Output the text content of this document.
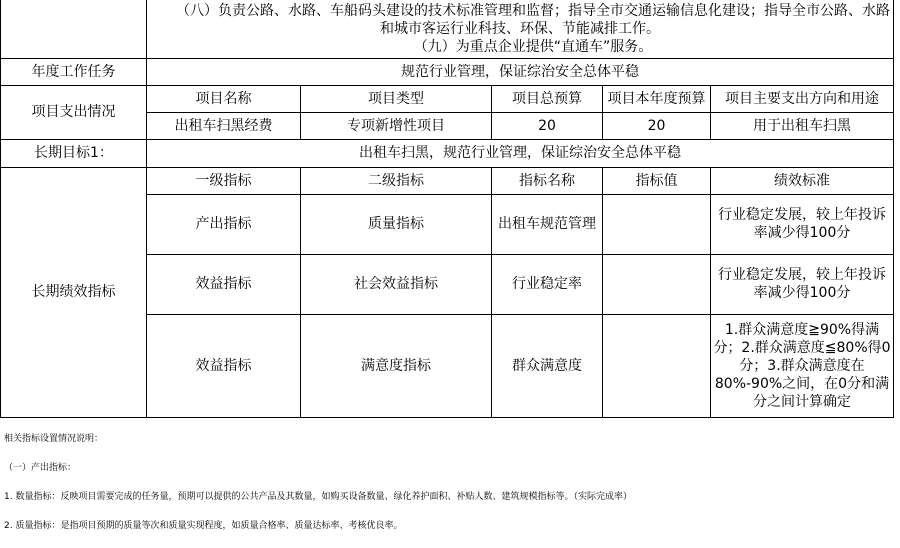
	（八）负责公路、水路、车船码头建设的技术标准管理和监督；指导全市交通运输信息化建设；指导全市公路、水路和城市客运行业科技、环保、节能减排工作。

（九）为重点企业提供“直通车”服务。				

年度工作任务	规范行业管理，保证综治安全总体平稳				
项目支出情况	项目名称	项目类型	项目总预算	项目本年度预算	项目主要支出方向和用途
	出租车扫黑经费	专项新增性项目	20	20	用于出租车扫黑
长期目标1：	出租车扫黑，规范行业管理，保证综治安全总体平稳				
长期绩效指标	一级指标	二级指标	指标名称	指标值	绩效标准
	产出指标	质量指标	出租车规范管理		行业稳定发展，较上年投诉率减少得100分
	效益指标	社会效益指标	行业稳定率		行业稳定发展，较上年投诉率减少得100分
	效益指标	满意度指标	群众满意度		1.群众满意度≧90%得满分；2.群众满意度≦80%得0分；3.群众满意度在80%-90%之间，在0分和满分之间计算确定
相关指标设置情况说明：
（一）产出指标：
1. 数量指标：反映项目需要完成的任务量，预期可以提供的公共产品及其数量，如购买设备数量、绿化养护面积、补贴人数、建筑规模指标等。（实际完成率）
2. 质量指标：是指项目预期的质量等次和质量实现程度，如质量合格率、质量达标率、考核优良率。
